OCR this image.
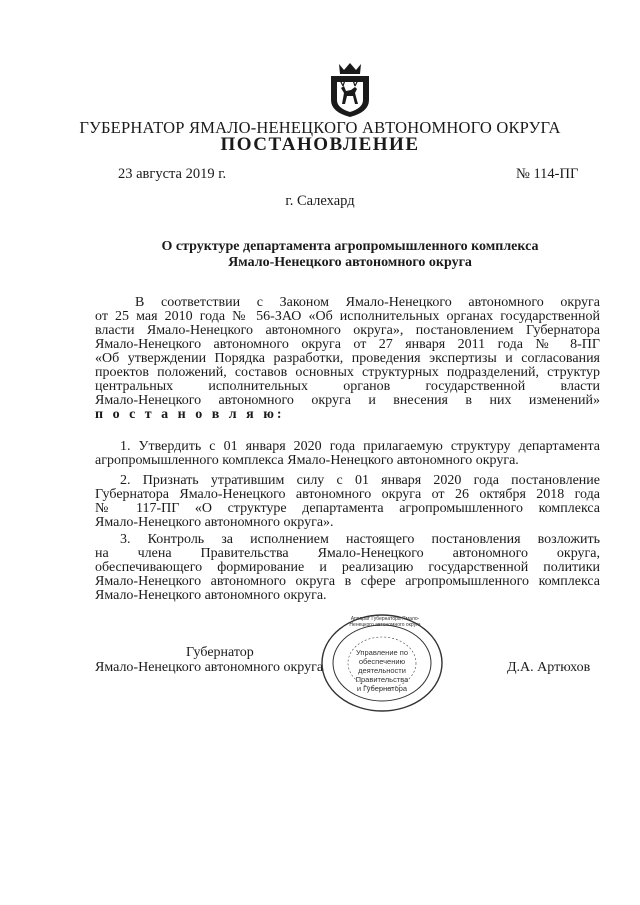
ГУБЕРНАТОР ЯМАЛО-НЕНЕЦКОГО АВТОНОМНОГО ОКРУГА
ПОСТАНОВЛЕНИЕ
23 августа 2019 г.	№ 114-ПГ
г. Салехард
О структуре департамента агропромышленного комплекса
Ямало-Ненецкого автономного округа
В соответствии с Законом Ямало-Ненецкого автономного округа
от 25 мая 2010 года № 56-ЗАО «Об исполнительных органах государственной
власти Ямало-Ненецкого автономного округа», постановлением Губернатора
Ямало-Ненецкого автономного округа от 27 января 2011 года № 8-ПГ
«Об утверждении Порядка разработки, проведения экспертизы и согласования
проектов положений, составов основных структурных подразделений, структур
центральных исполнительных органов государственной власти
Ямало-Ненецкого автономного округа и внесения в них изменений»
п о с т а н о в л я ю:
1. Утвердить с 01 января 2020 года прилагаемую структуру департамента
агропромышленного комплекса Ямало-Ненецкого автономного округа.
2. Признать утратившим силу с 01 января 2020 года постановление
Губернатора Ямало-Ненецкого автономного округа от 26 октября 2018 года
№ 117-ПГ «О структуре департамента агропромышленного комплекса
Ямало-Ненецкого автономного округа».
3. Контроль за исполнением настоящего постановления возложить
на члена Правительства Ямало-Ненецкого автономного округа,
обеспечивающего формирование и реализацию государственной политики
Ямало-Ненецкого автономного округа в сфере агропромышленного комплекса
Ямало-Ненецкого автономного округа.
Губернатор
Ямало-Ненецкого автономного округа
Аппарат Губернатора Ямало-Ненецкого автономного округа
Управление по
обеспечению
деятельности
Правительства
и Губернатора
Д.А. Артюхов
